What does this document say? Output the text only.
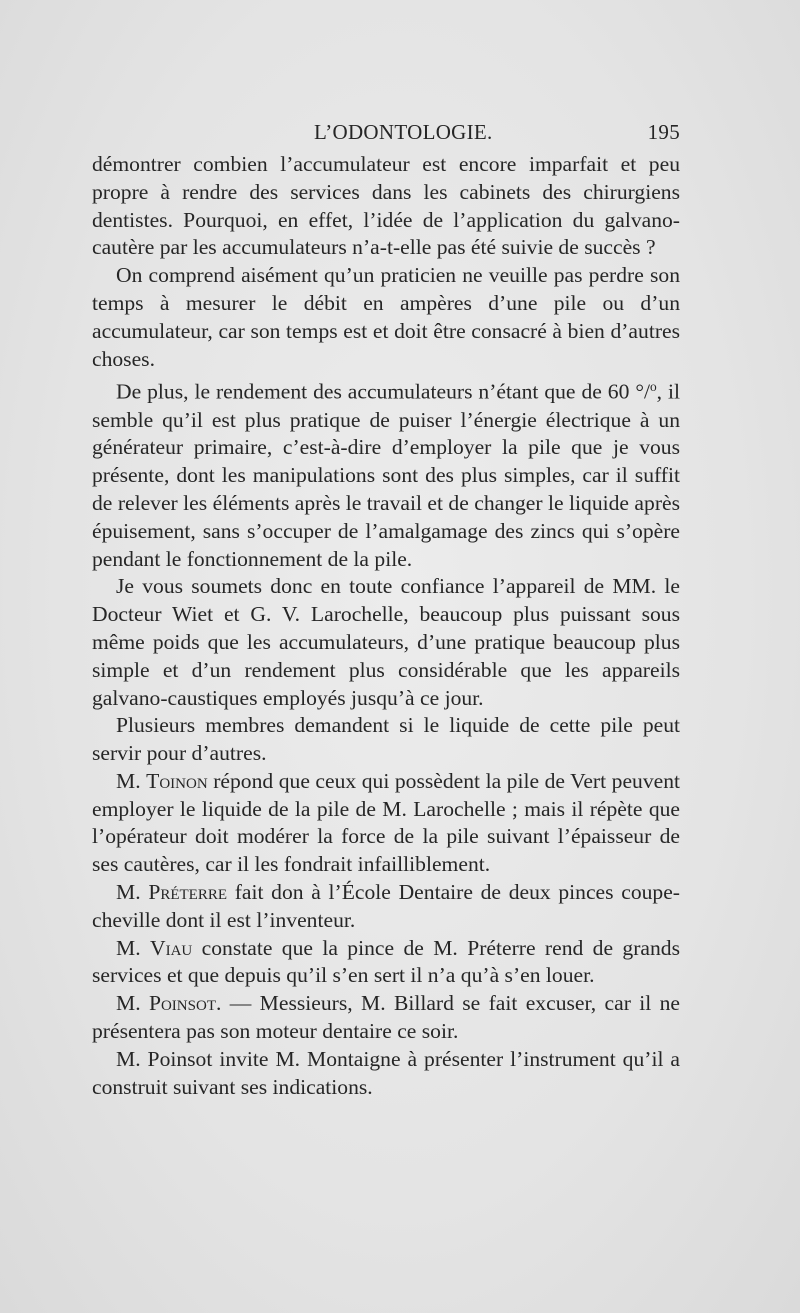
L’ODONTOLOGIE.	195

démontrer combien l’accumulateur est encore imparfait et peu propre à rendre des services dans les cabinets des chirurgiens dentistes. Pourquoi, en effet, l’idée de l’application du galvano-cautère par les accumulateurs n’a-t-elle pas été suivie de succès ?

On comprend aisément qu’un praticien ne veuille pas perdre son temps à mesurer le débit en ampères d’une pile ou d’un accumulateur, car son temps est et doit être consacré à bien d’autres choses.

De plus, le rendement des accumulateurs n’étant que de 60 °/$^o$, il semble qu’il est plus pratique de puiser l’énergie électrique à un générateur primaire, c’est-à-dire d’employer la pile que je vous présente, dont les manipulations sont des plus simples, car il suffit de relever les éléments après le travail et de changer le liquide après épuisement, sans s’occuper de l’amalgamage des zincs qui s’opère pendant le fonctionnement de la pile.

Je vous soumets donc en toute confiance l’appareil de MM. le Docteur Wiet et G. V. Larochelle, beaucoup plus puissant sous même poids que les accumulateurs, d’une pratique beaucoup plus simple et d’un rendement plus considérable que les appareils galvano-caustiques employés jusqu’à ce jour.

Plusieurs membres demandent si le liquide de cette pile peut servir pour d’autres.

M. Toinon répond que ceux qui possèdent la pile de Vert peuvent employer le liquide de la pile de M. Larochelle ; mais il répète que l’opérateur doit modérer la force de la pile suivant l’épaisseur de ses cautères, car il les fondrait infailliblement.

M. Préterre fait don à l’École Dentaire de deux pinces coupe-cheville dont il est l’inventeur.

M. Viau constate que la pince de M. Préterre rend de grands services et que depuis qu’il s’en sert il n’a qu’à s’en louer.

M. Poinsot. — Messieurs, M. Billard se fait excuser, car il ne présentera pas son moteur dentaire ce soir.

M. Poinsot invite M. Montaigne à présenter l’instrument qu’il a construit suivant ses indications.
